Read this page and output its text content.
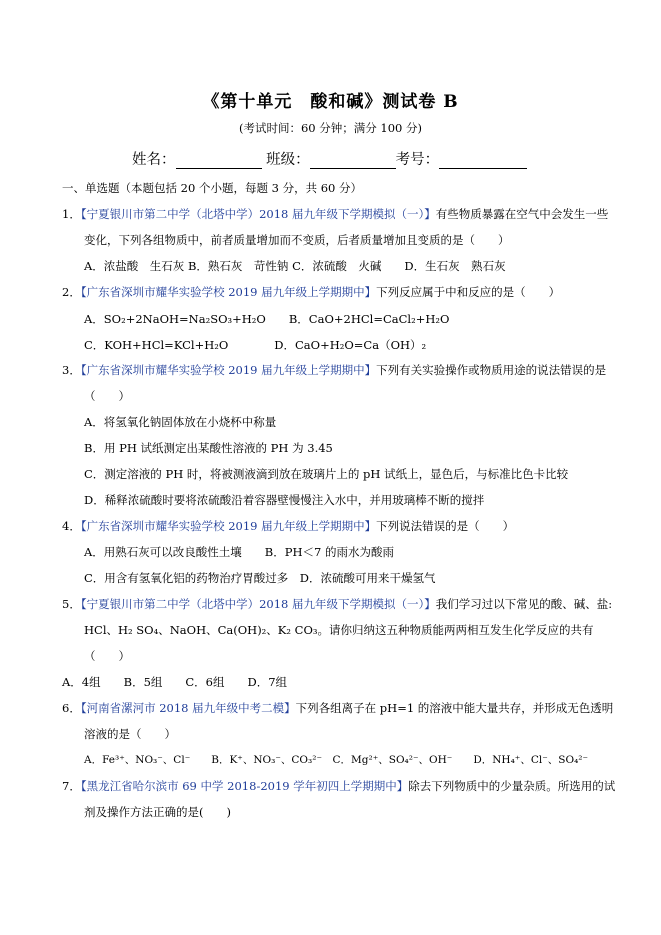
《第十单元　酸和碱》测试卷 B
(考试时间：60 分钟；满分 100 分)
姓名：	班级：	考号：
一、单选题（本题包括 20 个小题，每题 3 分，共 60 分）
1．【宁夏银川市第二中学（北塔中学）2018 届九年级下学期模拟（一）】有些物质暴露在空气中会发生一些
变化，下列各组物质中，前者质量增加而不变质，后者质量增加且变质的是（　　）
A．浓盐酸　生石灰 B．熟石灰　苛性钠 C．浓硫酸　火碱　　D．生石灰　熟石灰
2．【广东省深圳市耀华实验学校 2019 届九年级上学期期中】下列反应属于中和反应的是（　　）
A．SO₂+2NaOH=Na₂SO₃+H₂O　　B．CaO+2HCl=CaCl₂+H₂O
C．KOH+HCl=KCl+H₂O　　　　D．CaO+H₂O=Ca（OH）₂
3．【广东省深圳市耀华实验学校 2019 届九年级上学期期中】下列有关实验操作或物质用途的说法错误的是
（　　）
A．将氢氧化钠固体放在小烧杯中称量
B．用 PH 试纸测定出某酸性溶液的 PH 为 3.45
C．测定溶液的 PH 时，将被测液滴到放在玻璃片上的 pH 试纸上，显色后，与标准比色卡比较
D．稀释浓硫酸时要将浓硫酸沿着容器壁慢慢注入水中，并用玻璃棒不断的搅拌
4．【广东省深圳市耀华实验学校 2019 届九年级上学期期中】下列说法错误的是（　　）
A．用熟石灰可以改良酸性土壤　　B．PH＜7 的雨水为酸雨
C．用含有氢氧化铝的药物治疗胃酸过多　D．浓硫酸可用来干燥氢气
5．【宁夏银川市第二中学（北塔中学）2018 届九年级下学期模拟（一）】我们学习过以下常见的酸、碱、盐:
HCl、H₂ SO₄、NaOH、Ca(OH)₂、K₂ CO₃。请你归纳这五种物质能两两相互发生化学反应的共有
（　　）
A．4组　　B．5组　　C．6组　　D．7组
6．【河南省漯河市 2018 届九年级中考二模】下列各组离子在 pH=1 的溶液中能大量共存，并形成无色透明
溶液的是（　　）
A．Fe³⁺、NO₃⁻、Cl⁻　　B．K⁺、NO₃⁻、CO₃²⁻　C．Mg²⁺、SO₄²⁻、OH⁻　　D．NH₄⁺、Cl⁻、SO₄²⁻
7．【黑龙江省哈尔滨市 69 中学 2018-2019 学年初四上学期期中】除去下列物质中的少量杂质。所选用的试
剂及操作方法正确的是(　　)
